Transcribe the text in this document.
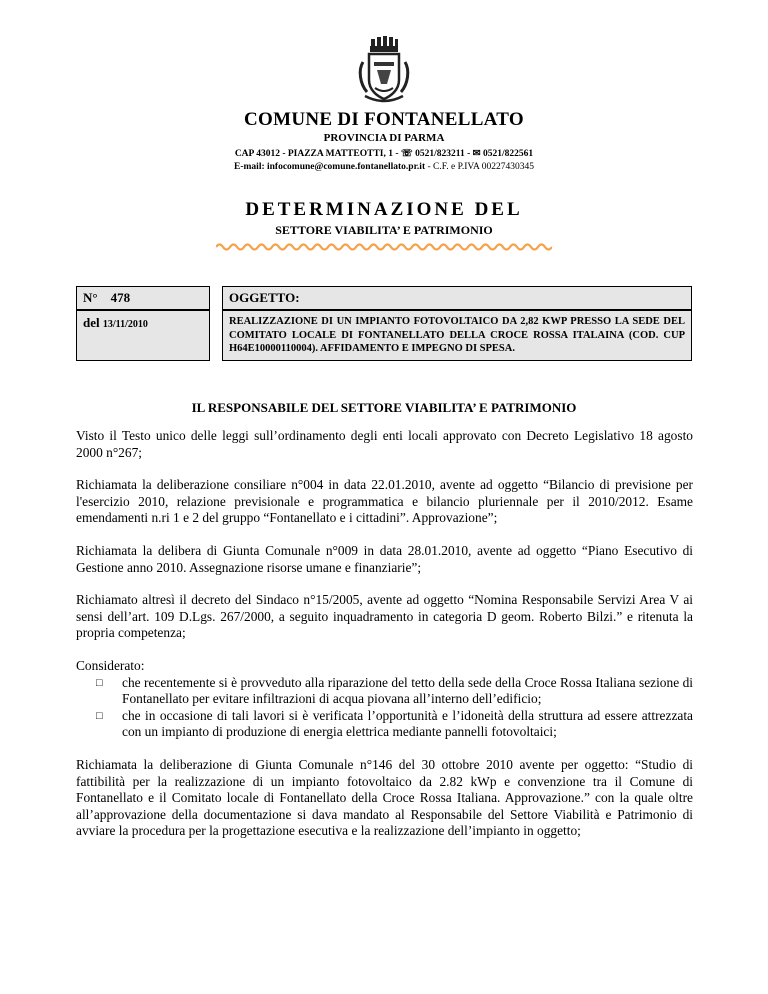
COMUNE DI FONTANELLATO
PROVINCIA DI PARMA
CAP 43012 - PIAZZA MATTEOTTI, 1 - ☏ 0521/823211 - ✉ 0521/822561
E-mail: infocomune@comune.fontanellato.pr.it - C.F. e P.IVA 00227430345
DETERMINAZIONE DEL
SETTORE VIABILITA’ E PATRIMONIO
N° 478		OGGETTO:
del 13/11/2010		REALIZZAZIONE DI UN IMPIANTO FOTOVOLTAICO DA 2,82 KWP PRESSO LA SEDE DEL COMITATO LOCALE DI FONTANELLATO DELLA CROCE ROSSA ITALAINA (COD. CUP H64E10000110004). AFFIDAMENTO E IMPEGNO DI SPESA.
IL RESPONSABILE DEL SETTORE VIABILITA’ E PATRIMONIO

Visto il Testo unico delle leggi sull’ordinamento degli enti locali approvato con Decreto Legislativo 18 agosto 2000 n°267;

Richiamata la deliberazione consiliare n°004 in data 22.01.2010, avente ad oggetto “Bilancio di previsione per l'esercizio 2010, relazione previsionale e programmatica e bilancio pluriennale per il 2010/2012. Esame emendamenti n.ri 1 e 2 del gruppo “Fontanellato e i cittadini”. Approvazione”;

Richiamata la delibera di Giunta Comunale n°009 in data 28.01.2010, avente ad oggetto “Piano Esecutivo di Gestione anno 2010. Assegnazione risorse umane e finanziarie”;

Richiamato altresì il decreto del Sindaco n°15/2005, avente ad oggetto “Nomina Responsabile Servizi Area V ai sensi dell’art. 109 D.Lgs. 267/2000, a seguito inquadramento in categoria D geom. Roberto Bilzi.” e ritenuta la propria competenza;

Considerato:

□ che recentemente si è provveduto alla riparazione del tetto della sede della Croce Rossa Italiana sezione di Fontanellato per evitare infiltrazioni di acqua piovana all’interno dell’edificio;
□ che in occasione di tali lavori si è verificata l’opportunità e l’idoneità della struttura ad essere attrezzata con un impianto di produzione di energia elettrica mediante pannelli fotovoltaici;

Richiamata la deliberazione di Giunta Comunale n°146 del 30 ottobre 2010 avente per oggetto: “Studio di fattibilità per la realizzazione di un impianto fotovoltaico da 2.82 kWp e convenzione tra il Comune di Fontanellato e il Comitato locale di Fontanellato della Croce Rossa Italiana. Approvazione.” con la quale oltre all’approvazione della documentazione si dava mandato al Responsabile del Settore Viabilità e Patrimonio di avviare la procedura per la progettazione esecutiva e la realizzazione dell’impianto in oggetto;
